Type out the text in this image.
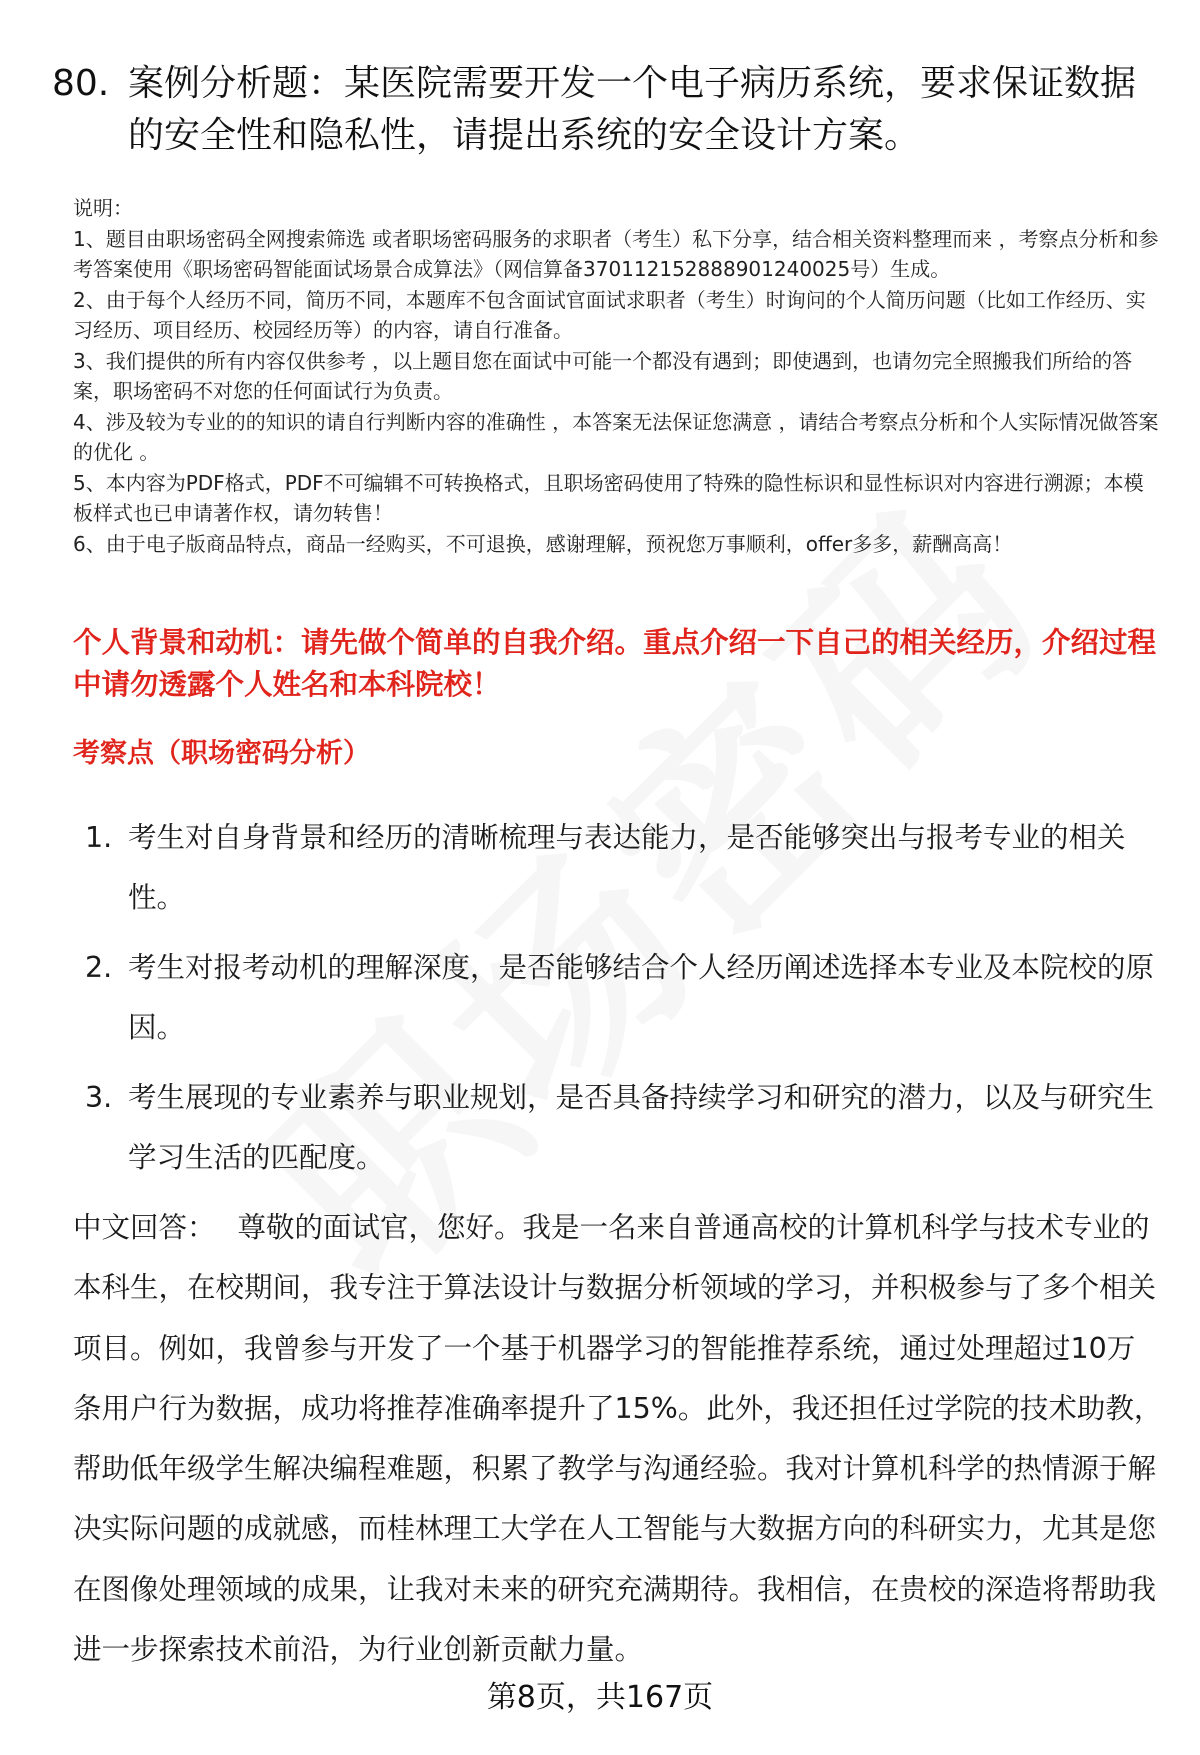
80. 案例分析题：某医院需要开发一个电子病历系统，要求保证数据的安全性和隐私性，请提出系统的安全设计方案。

说明：

1、题目由职场密码全网搜索筛选 或者职场密码服务的求职者（考生）私下分享，结合相关资料整理而来 ，考察点分析和参考答案使用《职场密码智能面试场景合成算法》（网信算备370112152888901240025号）生成。

2、由于每个人经历不同，简历不同，本题库不包含面试官面试求职者（考生）时询问的个人简历问题（比如工作经历、实习经历、项目经历、校园经历等）的内容，请自行准备。

3、我们提供的所有内容仅供参考 ，以上题目您在面试中可能一个都没有遇到；即使遇到，也请勿完全照搬我们所给的答案，职场密码不对您的任何面试行为负责。

4、涉及较为专业的的知识的请自行判断内容的准确性 ，本答案无法保证您满意 ，请结合考察点分析和个人实际情况做答案的优化 。

5、本内容为PDF格式，PDF不可编辑不可转换格式，且职场密码使用了特殊的隐性标识和显性标识对内容进行溯源；本模板样式也已申请著作权，请勿转售！

6、由于电子版商品特点，商品一经购买，不可退换，感谢理解，预祝您万事顺利，offer多多，薪酬高高！

个人背景和动机：请先做个简单的自我介绍。重点介绍一下自己的相关经历，介绍过程中请勿透露个人姓名和本科院校！
考察点（职场密码分析）
1. 考生对自身背景和经历的清晰梳理与表达能力，是否能够突出与报考专业的相关性。
2. 考生对报考动机的理解深度，是否能够结合个人经历阐述选择本专业及本院校的原因。
3. 考生展现的专业素养与职业规划，是否具备持续学习和研究的潜力，以及与研究生学习生活的匹配度。
中文回答： 尊敬的面试官，您好。我是一名来自普通高校的计算机科学与技术专业的本科生，在校期间，我专注于算法设计与数据分析领域的学习，并积极参与了多个相关项目。例如，我曾参与开发了一个基于机器学习的智能推荐系统，通过处理超过10万条用户行为数据，成功将推荐准确率提升了15%。此外，我还担任过学院的技术助教，帮助低年级学生解决编程难题，积累了教学与沟通经验。我对计算机科学的热情源于解决实际问题的成就感，而桂林理工大学在人工智能与大数据方向的科研实力，尤其是您在图像处理领域的成果，让我对未来的研究充满期待。我相信，在贵校的深造将帮助我进一步探索技术前沿，为行业创新贡献力量。
第8页，共167页
